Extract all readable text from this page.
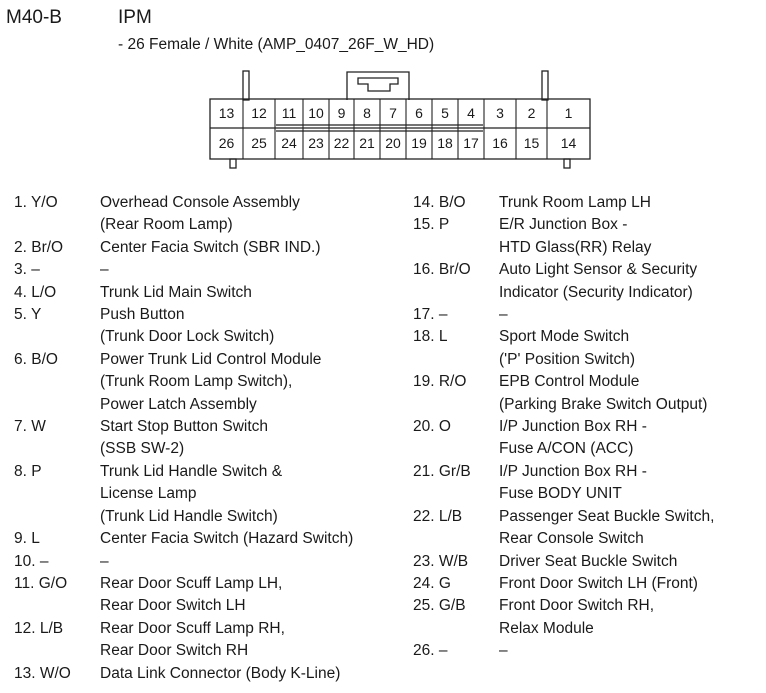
M40-B	IPM
- 26 Female / White (AMP_0407_26F_W_HD)
13	12	11 10 9	8	7	6	5	4	3	2	1
26	25	24 23 22 21 20 19 18 17 16	15	14
1. Y/O	Overhead Console Assembly
(Rear Room Lamp)
2. Br/O	Center Facia Switch (SBR IND.)
3. –	–
4. L/O	Trunk Lid Main Switch
5. Y	Push Button
(Trunk Door Lock Switch)
6. B/O	Power Trunk Lid Control Module
(Trunk Room Lamp Switch),
Power Latch Assembly
7. W	Start Stop Button Switch
(SSB SW-2)
8. P	Trunk Lid Handle Switch &
License Lamp
(Trunk Lid Handle Switch)
9. L	Center Facia Switch (Hazard Switch)
10. –	–
11. G/O	Rear Door Scuff Lamp LH,
Rear Door Switch LH
12. L/B	Rear Door Scuff Lamp RH,
Rear Door Switch RH
13. W/O	Data Link Connector (Body K-Line)
14. B/O	Trunk Room Lamp LH
15. P	E/R Junction Box -
HTD Glass(RR) Relay
16. Br/O	Auto Light Sensor & Security
Indicator (Security Indicator)
17. –	–
18. L	Sport Mode Switch
('P' Position Switch)
19. R/O	EPB Control Module
(Parking Brake Switch Output)
20. O	I/P Junction Box RH -
Fuse A/CON (ACC)
21. Gr/B	I/P Junction Box RH -
Fuse BODY UNIT
22. L/B	Passenger Seat Buckle Switch,
Rear Console Switch
23. W/B	Driver Seat Buckle Switch
24. G	Front Door Switch LH (Front)
25. G/B	Front Door Switch RH,
Relax Module
26. –	–
